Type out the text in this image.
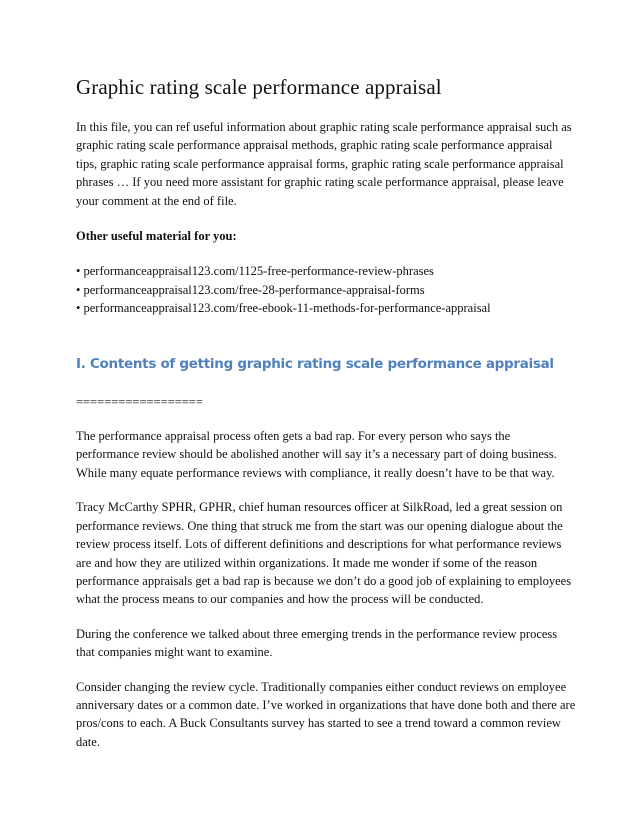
Graphic rating scale performance appraisal

In this file, you can ref useful information about graphic rating scale performance appraisal such as graphic rating scale performance appraisal methods, graphic rating scale performance appraisal tips, graphic rating scale performance appraisal forms, graphic rating scale performance appraisal phrases … If you need more assistant for graphic rating scale performance appraisal, please leave your comment at the end of file.

Other useful material for you:

• performanceappraisal123.com/1125-free-performance-review-phrases
• performanceappraisal123.com/free-28-performance-appraisal-forms
• performanceappraisal123.com/free-ebook-11-methods-for-performance-appraisal
I. Contents of getting graphic rating scale performance appraisal

==================

The performance appraisal process often gets a bad rap. For every person who says the performance review should be abolished another will say it’s a necessary part of doing business. While many equate performance reviews with compliance, it really doesn’t have to be that way.

Tracy McCarthy SPHR, GPHR, chief human resources officer at SilkRoad, led a great session on performance reviews. One thing that struck me from the start was our opening dialogue about the review process itself. Lots of different definitions and descriptions for what performance reviews are and how they are utilized within organizations. It made me wonder if some of the reason performance appraisals get a bad rap is because we don’t do a good job of explaining to employees what the process means to our companies and how the process will be conducted.

During the conference we talked about three emerging trends in the performance review process that companies might want to examine.

Consider changing the review cycle. Traditionally companies either conduct reviews on employee anniversary dates or a common date. I’ve worked in organizations that have done both and there are pros/cons to each. A Buck Consultants survey has started to see a trend toward a common review date.
